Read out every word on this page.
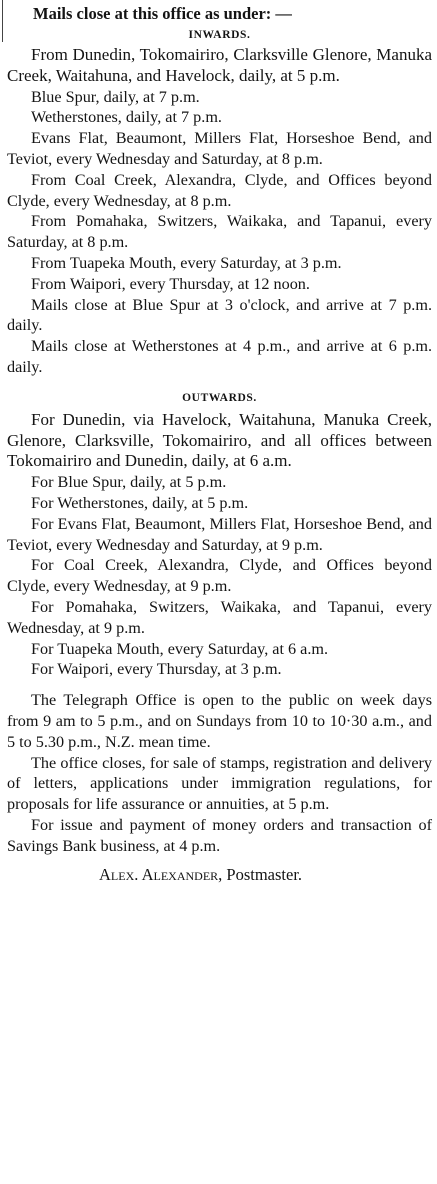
Mails close at this office as under: —
INWARDS.

From Dunedin, Tokomairiro, Clarksville Glenore, Manuka Creek, Waitahuna, and Havelock, daily, at 5 p.m.

Blue Spur, daily, at 7 p.m.

Wetherstones, daily, at 7 p.m.

Evans Flat, Beaumont, Millers Flat, Horseshoe Bend, and Teviot, every Wednesday and Saturday, at 8 p.m.

From Coal Creek, Alexandra, Clyde, and Offices beyond Clyde, every Wednesday, at 8 p.m.

From Pomahaka, Switzers, Waikaka, and Tapanui, every Saturday, at 8 p.m.

From Tuapeka Mouth, every Saturday, at 3 p.m.

From Waipori, every Thursday, at 12 noon.

Mails close at Blue Spur at 3 o'clock, and arrive at 7 p.m. daily.

Mails close at Wetherstones at 4 p.m., and arrive at 6 p.m. daily.

OUTWARDS.

For Dunedin, via Havelock, Waitahuna, Manuka Creek, Glenore, Clarksville, Tokomairiro, and all offices between Tokomairiro and Dunedin, daily, at 6 a.m.

For Blue Spur, daily, at 5 p.m.

For Wetherstones, daily, at 5 p.m.

For Evans Flat, Beaumont, Millers Flat, Horseshoe Bend, and Teviot, every Wednesday and Saturday, at 9 p.m.

For Coal Creek, Alexandra, Clyde, and Offices beyond Clyde, every Wednesday, at 9 p.m.

For Pomahaka, Switzers, Waikaka, and Tapanui, every Wednesday, at 9 p.m.

For Tuapeka Mouth, every Saturday, at 6 a.m.

For Waipori, every Thursday, at 3 p.m.

The Telegraph Office is open to the public on week days from 9 am to 5 p.m., and on Sundays from 10 to 10·30 a.m., and 5 to 5.30 p.m., N.Z. mean time.

The office closes, for sale of stamps, registration and delivery of letters, applications under immigration regulations, for proposals for life assurance or annuities, at 5 p.m.

For issue and payment of money orders and transaction of Savings Bank business, at 4 p.m.

Alex. Alexander, Postmaster.
